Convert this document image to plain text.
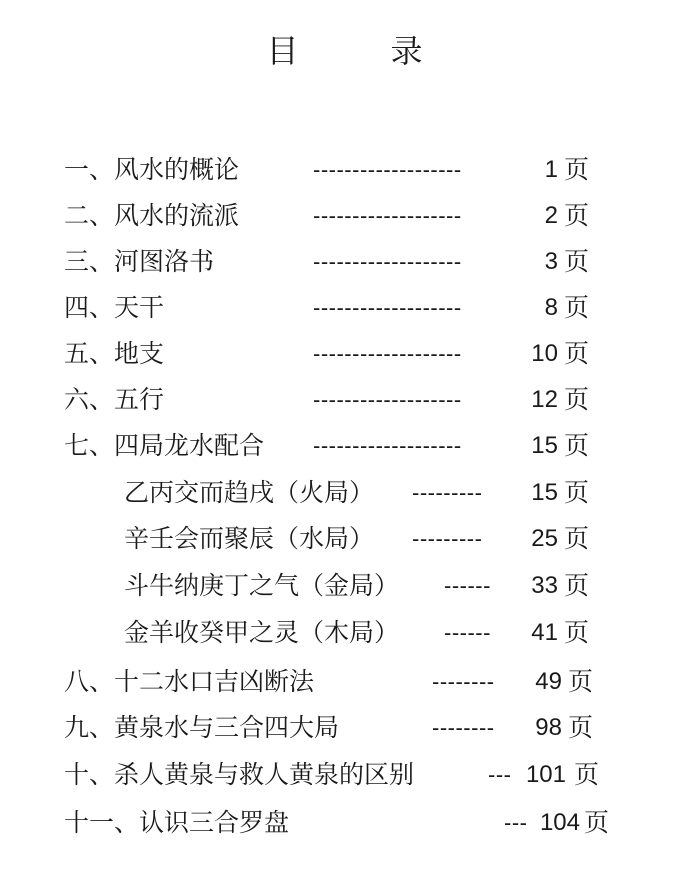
目　录
一、风水的概论	-------------------	1 页
二、风水的流派	-------------------	2 页
三、河图洛书	-------------------	3 页
四、天干	-------------------	8 页
五、地支	-------------------	10 页
六、五行	-------------------	12 页
七、四局龙水配合 -------------------	15 页
乙丙交而趋戌（火局） ---------	15 页
辛壬会而聚辰（水局） ---------	25 页
斗牛纳庚丁之气（金局） ------	33 页
金羊收癸甲之灵（木局） ------	41 页
八、十二水口吉凶断法	--------	49 页
九、黄泉水与三合四大局	--------	98 页
十、杀人黄泉与救人黄泉的区别	--- 101 页
十一、认识三合罗盘	--- 104 页
